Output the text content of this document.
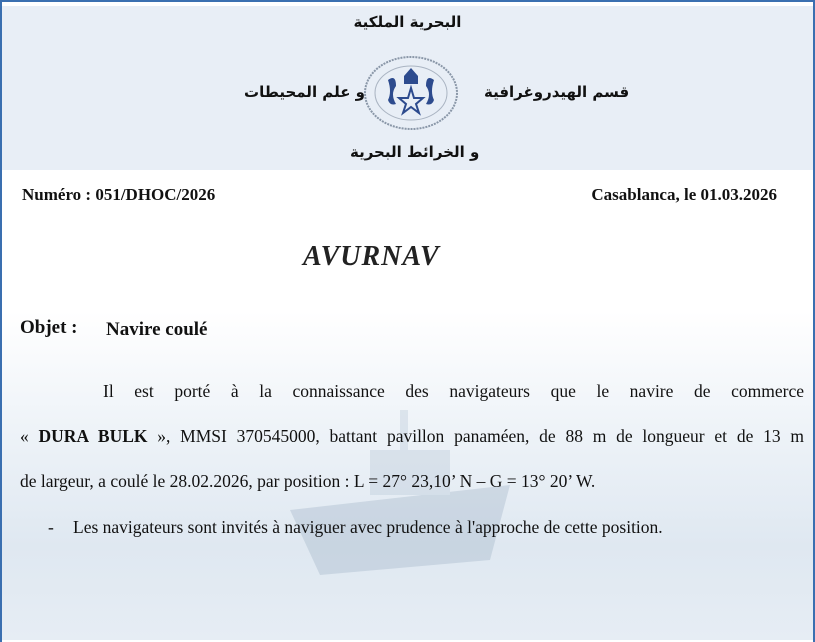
البحرية الملكية
و علم المحيطات	قسم الهيدروغرافية
و الخرائط البحرية
Numéro : 051/DHOC/2026	Casablanca, le 01.03.2026
AVURNAV
Objet : Navire coulé
Il est porté à la connaissance des navigateurs que le navire de commerce
« DURA BULK », MMSI 370545000, battant pavillon panaméen, de 88 m de longueur et de 13 m
de largeur, a coulé le 28.02.2026, par position : L = 27° 23,10’ N – G = 13° 20’ W.
- Les navigateurs sont invités à naviguer avec prudence à l'approche de cette position.
